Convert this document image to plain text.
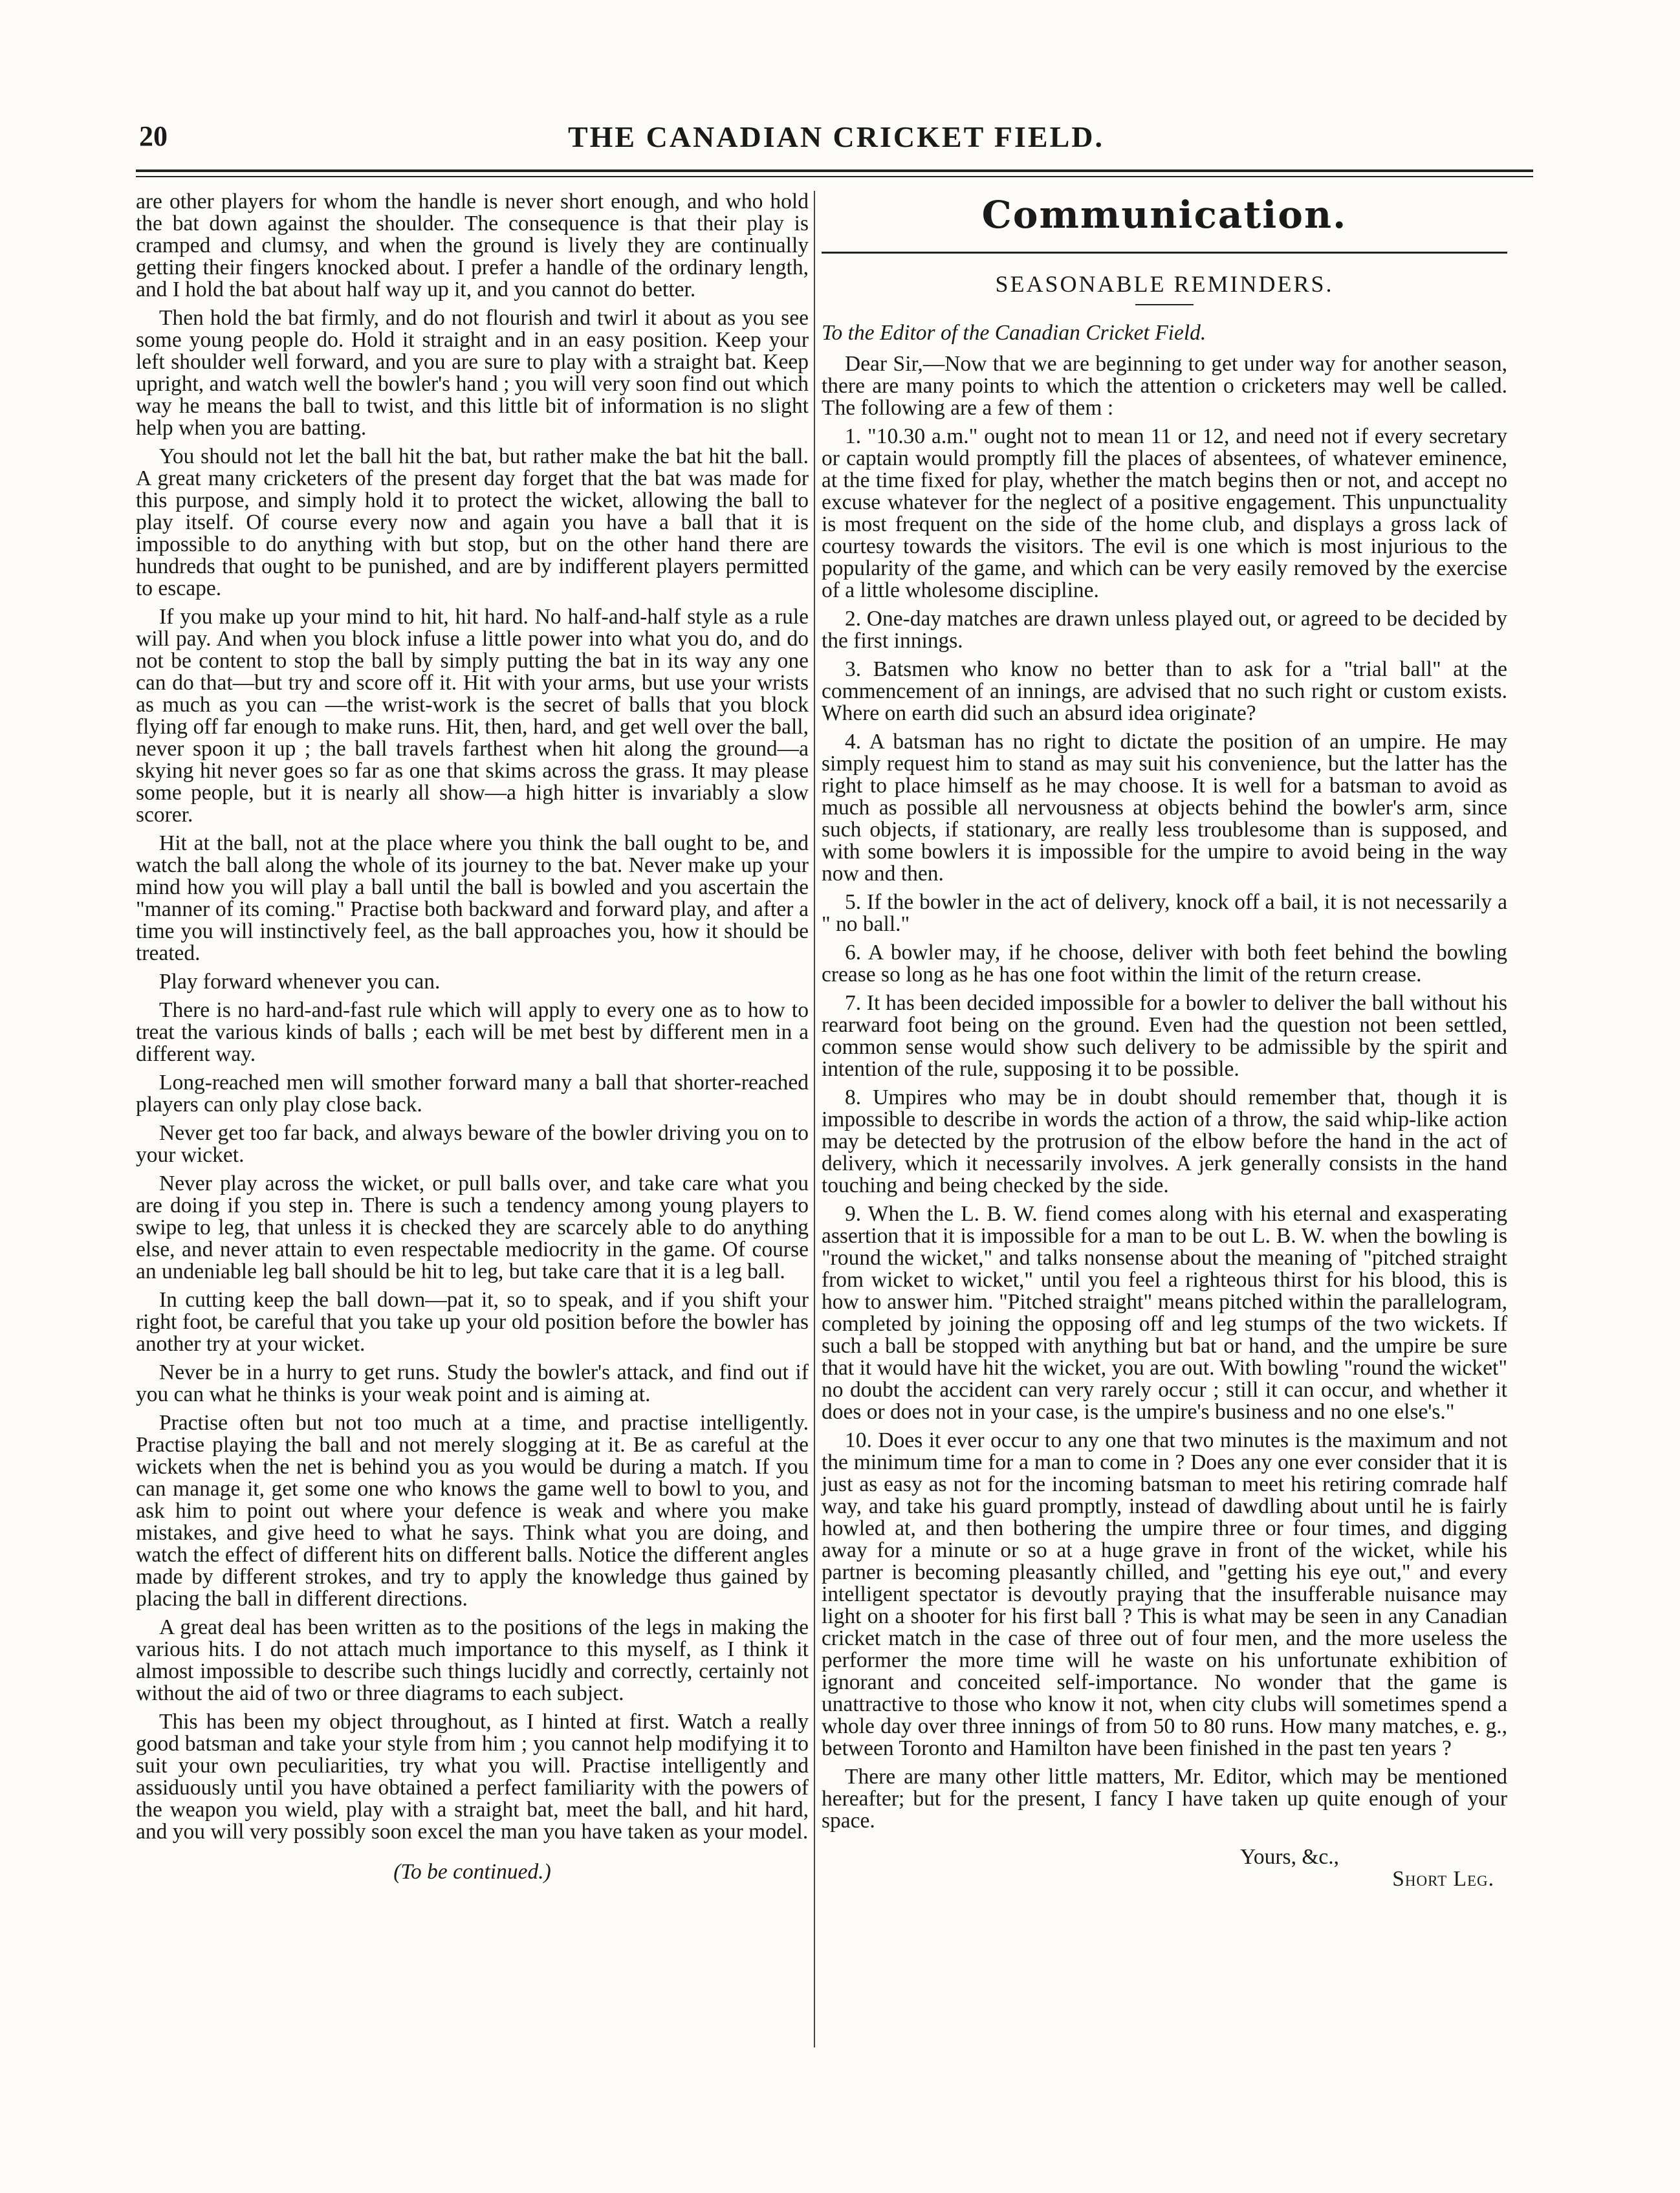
20	THE CANADIAN CRICKET FIELD.

are other players for whom the handle is never short enough, and who hold the bat down against the shoulder. The consequence is that their play is cramped and clumsy, and when the ground is lively they are continually getting their fingers knocked about. I prefer a handle of the ordinary length, and I hold the bat about half way up it, and you cannot do better.

Then hold the bat firmly, and do not flourish and twirl it about as you see some young people do. Hold it straight and in an easy position. Keep your left shoulder well forward, and you are sure to play with a straight bat. Keep upright, and watch well the bowler's hand ; you will very soon find out which way he means the ball to twist, and this little bit of information is no slight help when you are batting.

You should not let the ball hit the bat, but rather make the bat hit the ball. A great many cricketers of the present day forget that the bat was made for this purpose, and simply hold it to protect the wicket, allowing the ball to play itself. Of course every now and again you have a ball that it is impossible to do anything with but stop, but on the other hand there are hundreds that ought to be punished, and are by indifferent players permitted to escape.

If you make up your mind to hit, hit hard. No half-and-half style as a rule will pay. And when you block infuse a little power into what you do, and do not be content to stop the ball by simply putting the bat in its way any one can do that—but try and score off it. Hit with your arms, but use your wrists as much as you can —the wrist-work is the secret of balls that you block flying off far enough to make runs. Hit, then, hard, and get well over the ball, never spoon it up ; the ball travels farthest when hit along the ground—a skying hit never goes so far as one that skims across the grass. It may please some people, but it is nearly all show—a high hitter is invariably a slow scorer.

Hit at the ball, not at the place where you think the ball ought to be, and watch the ball along the whole of its journey to the bat. Never make up your mind how you will play a ball until the ball is bowled and you ascertain the "manner of its coming." Practise both backward and forward play, and after a time you will instinctively feel, as the ball approaches you, how it should be treated.

Play forward whenever you can.

There is no hard-and-fast rule which will apply to every one as to how to treat the various kinds of balls ; each will be met best by different men in a different way.

Long-reached men will smother forward many a ball that shorter-reached players can only play close back.

Never get too far back, and always beware of the bowler driving you on to your wicket.

Never play across the wicket, or pull balls over, and take care what you are doing if you step in. There is such a tendency among young players to swipe to leg, that unless it is checked they are scarcely able to do anything else, and never attain to even respectable mediocrity in the game. Of course an undeniable leg ball should be hit to leg, but take care that it is a leg ball.

In cutting keep the ball down—pat it, so to speak, and if you shift your right foot, be careful that you take up your old position before the bowler has another try at your wicket.

Never be in a hurry to get runs. Study the bowler's attack, and find out if you can what he thinks is your weak point and is aiming at.

Practise often but not too much at a time, and practise intelligently. Practise playing the ball and not merely slogging at it. Be as careful at the wickets when the net is behind you as you would be during a match. If you can manage it, get some one who knows the game well to bowl to you, and ask him to point out where your defence is weak and where you make mistakes, and give heed to what he says. Think what you are doing, and watch the effect of different hits on different balls. Notice the different angles made by different strokes, and try to apply the knowledge thus gained by placing the ball in different directions.

A great deal has been written as to the positions of the legs in making the various hits. I do not attach much importance to this myself, as I think it almost impossible to describe such things lucidly and correctly, certainly not without the aid of two or three diagrams to each subject.

This has been my object throughout, as I hinted at first. Watch a really good batsman and take your style from him ; you cannot help modifying it to suit your own peculiarities, try what you will. Practise intelligently and assiduously until you have obtained a perfect familiarity with the powers of the weapon you wield, play with a straight bat, meet the ball, and hit hard, and you will very possibly soon excel the man you have taken as your model.

(To be continued.)
Communication.
SEASONABLE REMINDERS.

To the Editor of the Canadian Cricket Field.

Dear Sir,—Now that we are beginning to get under way for another season, there are many points to which the attention o cricketers may well be called. The following are a few of them :

1. "10.30 a.m." ought not to mean 11 or 12, and need not if every secretary or captain would promptly fill the places of absentees, of whatever eminence, at the time fixed for play, whether the match begins then or not, and accept no excuse whatever for the neglect of a positive engagement. This unpunctuality is most frequent on the side of the home club, and displays a gross lack of courtesy towards the visitors. The evil is one which is most injurious to the popularity of the game, and which can be very easily removed by the exercise of a little wholesome discipline.

2. One-day matches are drawn unless played out, or agreed to be decided by the first innings.

3. Batsmen who know no better than to ask for a "trial ball" at the commencement of an innings, are advised that no such right or custom exists. Where on earth did such an absurd idea originate?

4. A batsman has no right to dictate the position of an umpire. He may simply request him to stand as may suit his convenience, but the latter has the right to place himself as he may choose. It is well for a batsman to avoid as much as possible all nervousness at objects behind the bowler's arm, since such objects, if stationary, are really less troublesome than is supposed, and with some bowlers it is impossible for the umpire to avoid being in the way now and then.

5. If the bowler in the act of delivery, knock off a bail, it is not necessarily a " no ball."

6. A bowler may, if he choose, deliver with both feet behind the bowling crease so long as he has one foot within the limit of the return crease.

7. It has been decided impossible for a bowler to deliver the ball without his rearward foot being on the ground. Even had the question not been settled, common sense would show such delivery to be admissible by the spirit and intention of the rule, supposing it to be possible.

8. Umpires who may be in doubt should remember that, though it is impossible to describe in words the action of a throw, the said whip-like action may be detected by the protrusion of the elbow before the hand in the act of delivery, which it necessarily involves. A jerk generally consists in the hand touching and being checked by the side.

9. When the L. B. W. fiend comes along with his eternal and exasperating assertion that it is impossible for a man to be out L. B. W. when the bowling is "round the wicket," and talks nonsense about the meaning of "pitched straight from wicket to wicket," until you feel a righteous thirst for his blood, this is how to answer him. "Pitched straight" means pitched within the parallelogram, completed by joining the opposing off and leg stumps of the two wickets. If such a ball be stopped with anything but bat or hand, and the umpire be sure that it would have hit the wicket, you are out. With bowling "round the wicket" no doubt the accident can very rarely occur ; still it can occur, and whether it does or does not in your case, is the umpire's business and no one else's."

10. Does it ever occur to any one that two minutes is the maximum and not the minimum time for a man to come in ? Does any one ever consider that it is just as easy as not for the incoming batsman to meet his retiring comrade half way, and take his guard promptly, instead of dawdling about until he is fairly howled at, and then bothering the umpire three or four times, and digging away for a minute or so at a huge grave in front of the wicket, while his partner is becoming pleasantly chilled, and "getting his eye out," and every intelligent spectator is devoutly praying that the insufferable nuisance may light on a shooter for his first ball ? This is what may be seen in any Canadian cricket match in the case of three out of four men, and the more useless the performer the more time will he waste on his unfortunate exhibition of ignorant and conceited self-importance. No wonder that the game is unattractive to those who know it not, when city clubs will sometimes spend a whole day over three innings of from 50 to 80 runs. How many matches, e. g., between Toronto and Hamilton have been finished in the past ten years ?

There are many other little matters, Mr. Editor, which may be mentioned hereafter; but for the present, I fancy I have taken up quite enough of your space.

Yours, &c.,
Short Leg.
